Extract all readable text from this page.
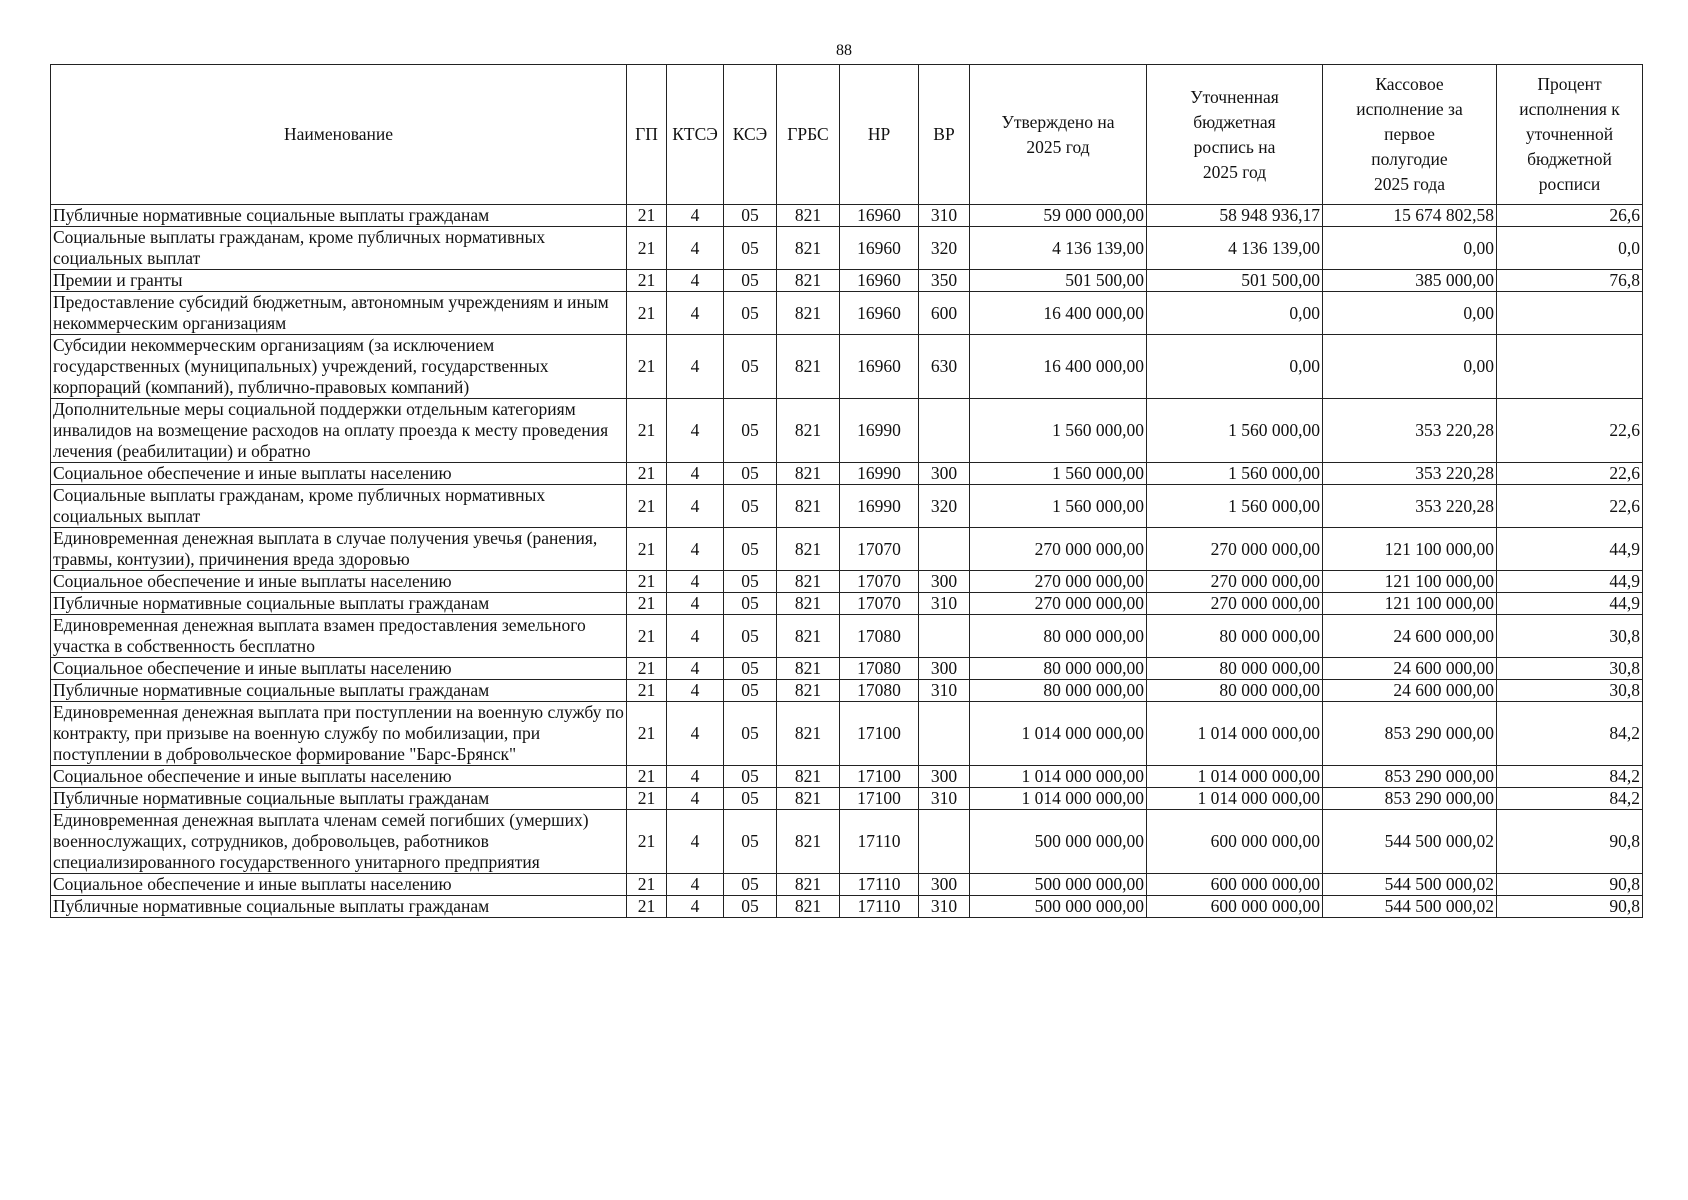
88
Наименование	ГП	КТСЭ	КСЭ	ГРБС	НР	ВР	Утверждено на 2025 год	Уточненная бюджетная роспись на 2025 год	Кассовое исполнение за первое полугодие 2025 года	Процент исполнения к уточненной бюджетной росписи
Публичные нормативные социальные выплаты гражданам	21	4	05	821	16960	310	59 000 000,00	58 948 936,17	15 674 802,58	26,6
Социальные выплаты гражданам, кроме публичных нормативных социальных выплат	21	4	05	821	16960	320	4 136 139,00	4 136 139,00	0,00	0,0
Премии и гранты	21	4	05	821	16960	350	501 500,00	501 500,00	385 000,00	76,8
Предоставление субсидий бюджетным, автономным учреждениям и иным некоммерческим организациям	21	4	05	821	16960	600	16 400 000,00	0,00	0,00	
Субсидии некоммерческим организациям (за исключением государственных (муниципальных) учреждений, государственных корпораций (компаний), публично-правовых компаний)	21	4	05	821	16960	630	16 400 000,00	0,00	0,00	
Дополнительные меры социальной поддержки отдельным категориям инвалидов на возмещение расходов на оплату проезда к месту проведения лечения (реабилитации) и обратно	21	4	05	821	16990		1 560 000,00	1 560 000,00	353 220,28	22,6
Социальное обеспечение и иные выплаты населению	21	4	05	821	16990	300	1 560 000,00	1 560 000,00	353 220,28	22,6
Социальные выплаты гражданам, кроме публичных нормативных социальных выплат	21	4	05	821	16990	320	1 560 000,00	1 560 000,00	353 220,28	22,6
Единовременная денежная выплата в случае получения увечья (ранения, травмы, контузии), причинения вреда здоровью	21	4	05	821	17070		270 000 000,00	270 000 000,00	121 100 000,00	44,9
Социальное обеспечение и иные выплаты населению	21	4	05	821	17070	300	270 000 000,00	270 000 000,00	121 100 000,00	44,9
Публичные нормативные социальные выплаты гражданам	21	4	05	821	17070	310	270 000 000,00	270 000 000,00	121 100 000,00	44,9
Единовременная денежная выплата взамен предоставления земельного участка в собственность бесплатно	21	4	05	821	17080		80 000 000,00	80 000 000,00	24 600 000,00	30,8
Социальное обеспечение и иные выплаты населению	21	4	05	821	17080	300	80 000 000,00	80 000 000,00	24 600 000,00	30,8
Публичные нормативные социальные выплаты гражданам	21	4	05	821	17080	310	80 000 000,00	80 000 000,00	24 600 000,00	30,8
Единовременная денежная выплата при поступлении на военную службу по контракту, при призыве на военную службу по мобилизации, при поступлении в добровольческое формирование "Барс-Брянск"	21	4	05	821	17100		1 014 000 000,00	1 014 000 000,00	853 290 000,00	84,2
Социальное обеспечение и иные выплаты населению	21	4	05	821	17100	300	1 014 000 000,00	1 014 000 000,00	853 290 000,00	84,2
Публичные нормативные социальные выплаты гражданам	21	4	05	821	17100	310	1 014 000 000,00	1 014 000 000,00	853 290 000,00	84,2
Единовременная денежная выплата членам семей погибших (умерших) военнослужащих, сотрудников, добровольцев, работников специализированного государственного унитарного предприятия	21	4	05	821	17110		500 000 000,00	600 000 000,00	544 500 000,02	90,8
Социальное обеспечение и иные выплаты населению	21	4	05	821	17110	300	500 000 000,00	600 000 000,00	544 500 000,02	90,8
Публичные нормативные социальные выплаты гражданам	21	4	05	821	17110	310	500 000 000,00	600 000 000,00	544 500 000,02	90,8
